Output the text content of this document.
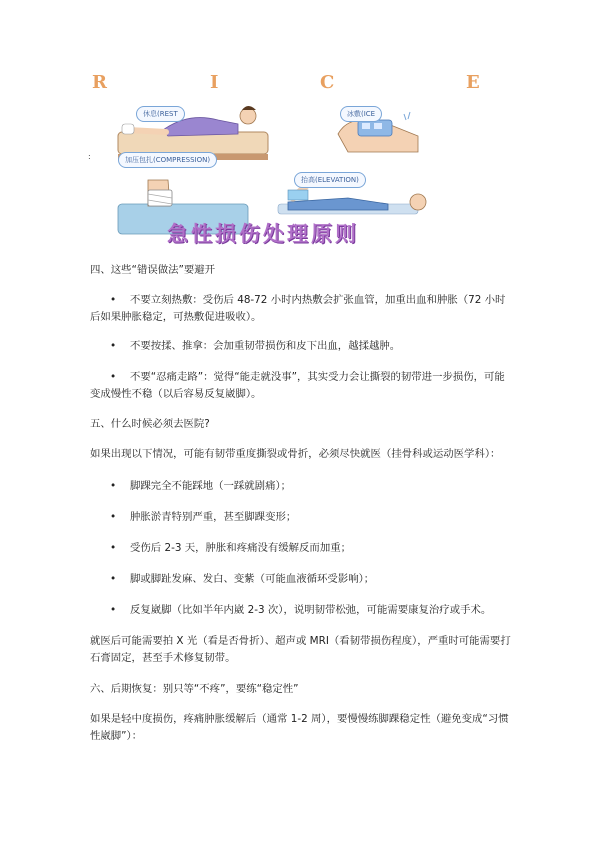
R	I	C	E
休息(REST	冰敷(ICE
加压包扎(COMPRESSION)
抬高(ELEVATION)
急性损伤处理原则
:
四、这些“错误做法”要避开
•	不要立刻热敷：受伤后 48-72 小时内热敷会扩张血管，加重出血和肿胀（72 小时后如果肿胀稳定，可热敷促进吸收）。
•	不要按揉、推拿：会加重韧带损伤和皮下出血，越揉越肿。
•	不要“忍痛走路”：觉得“能走就没事”，其实受力会让撕裂的韧带进一步损伤，可能变成慢性不稳（以后容易反复崴脚）。
五、什么时候必须去医院?
如果出现以下情况，可能有韧带重度撕裂或骨折，必须尽快就医（挂骨科或运动医学科）：
•	脚踝完全不能踩地（一踩就剧痛）；
•	肿胀淤青特别严重，甚至脚踝变形；
•	受伤后 2-3 天，肿胀和疼痛没有缓解反而加重；
•	脚或脚趾发麻、发白、变紫（可能血液循环受影响）；
•	反复崴脚（比如半年内崴 2-3 次），说明韧带松弛，可能需要康复治疗或手术。
就医后可能需要拍 X 光（看是否骨折）、超声或 MRI（看韧带损伤程度），严重时可能需要打石膏固定，甚至手术修复韧带。
六、后期恢复：别只等“不疼”，要练“稳定性”
如果是轻中度损伤，疼痛肿胀缓解后（通常 1-2 周），要慢慢练脚踝稳定性（避免变成“习惯性崴脚”）：
